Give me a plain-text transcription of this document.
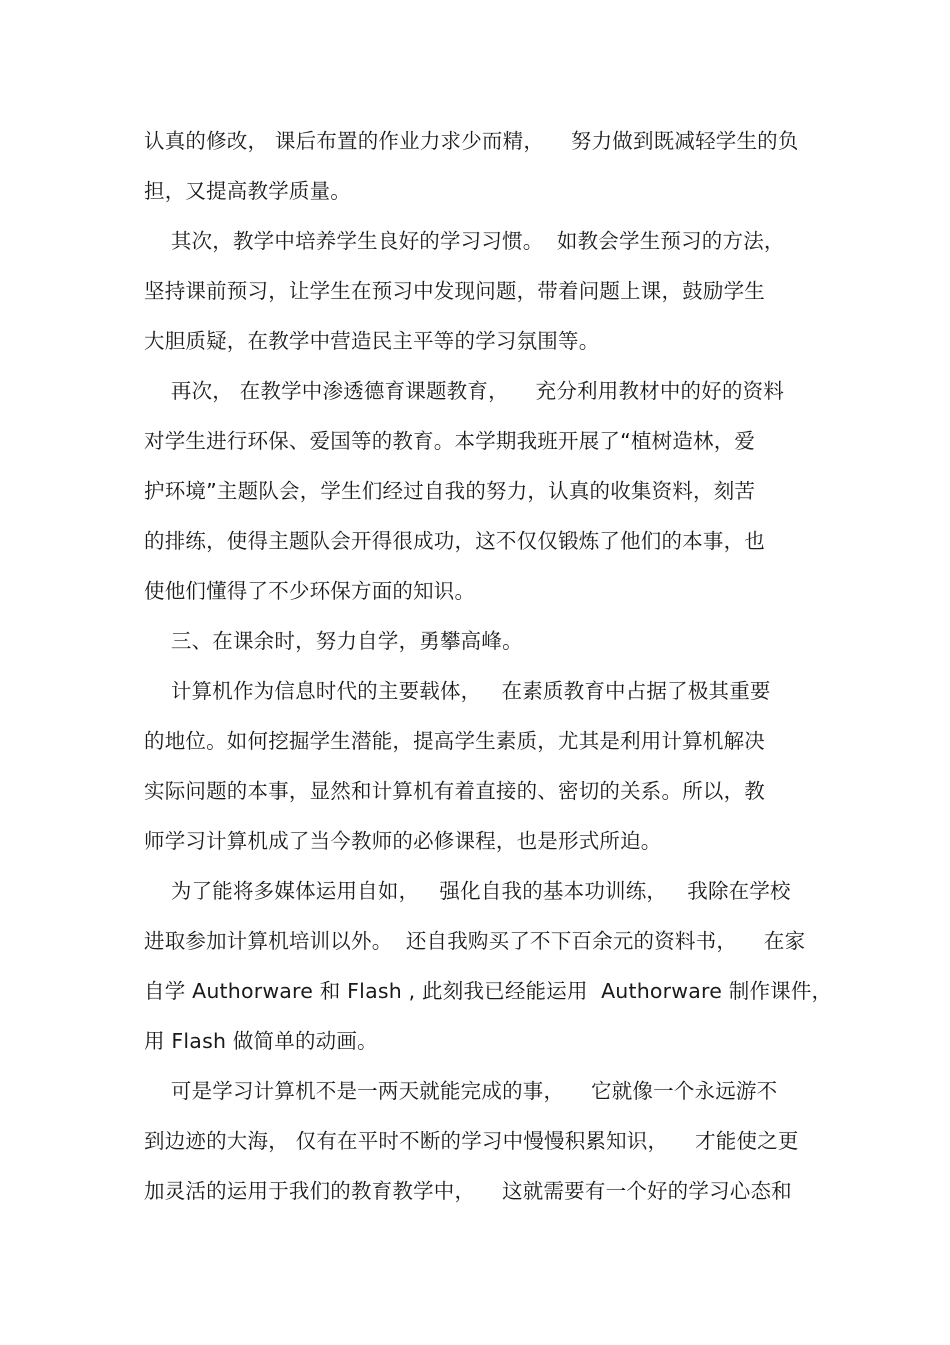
认真的修改， 课后布置的作业力求少而精，    努力做到既减轻学生的负

担，又提高教学质量。

其次，教学中培养学生良好的学习习惯。  如教会学生预习的方法，

坚持课前预习，让学生在预习中发现问题，带着问题上课，鼓励学生

大胆质疑，在教学中营造民主平等的学习氛围等。

再次， 在教学中渗透德育课题教育，    充分利用教材中的好的资料

对学生进行环保、爱国等的教育。本学期我班开展了“植树造林，爱

护环境”主题队会，学生们经过自我的努力，认真的收集资料，刻苦

的排练，使得主题队会开得很成功，这不仅仅锻炼了他们的本事，也

使他们懂得了不少环保方面的知识。

三、在课余时，努力自学，勇攀高峰。

计算机作为信息时代的主要载体，   在素质教育中占据了极其重要

的地位。如何挖掘学生潜能，提高学生素质，尤其是利用计算机解决

实际问题的本事，显然和计算机有着直接的、密切的关系。所以，教

师学习计算机成了当今教师的必修课程，也是形式所迫。

为了能将多媒体运用自如，   强化自我的基本功训练，   我除在学校

进取参加计算机培训以外。  还自我购买了不下百余元的资料书，    在家

自学 Authorware 和 Flash , 此刻我已经能运用  Authorware 制作课件，

用 Flash 做简单的动画。

可是学习计算机不是一两天就能完成的事，    它就像一个永远游不

到边迹的大海， 仅有在平时不断的学习中慢慢积累知识，    才能使之更

加灵活的运用于我们的教育教学中，    这就需要有一个好的学习心态和
